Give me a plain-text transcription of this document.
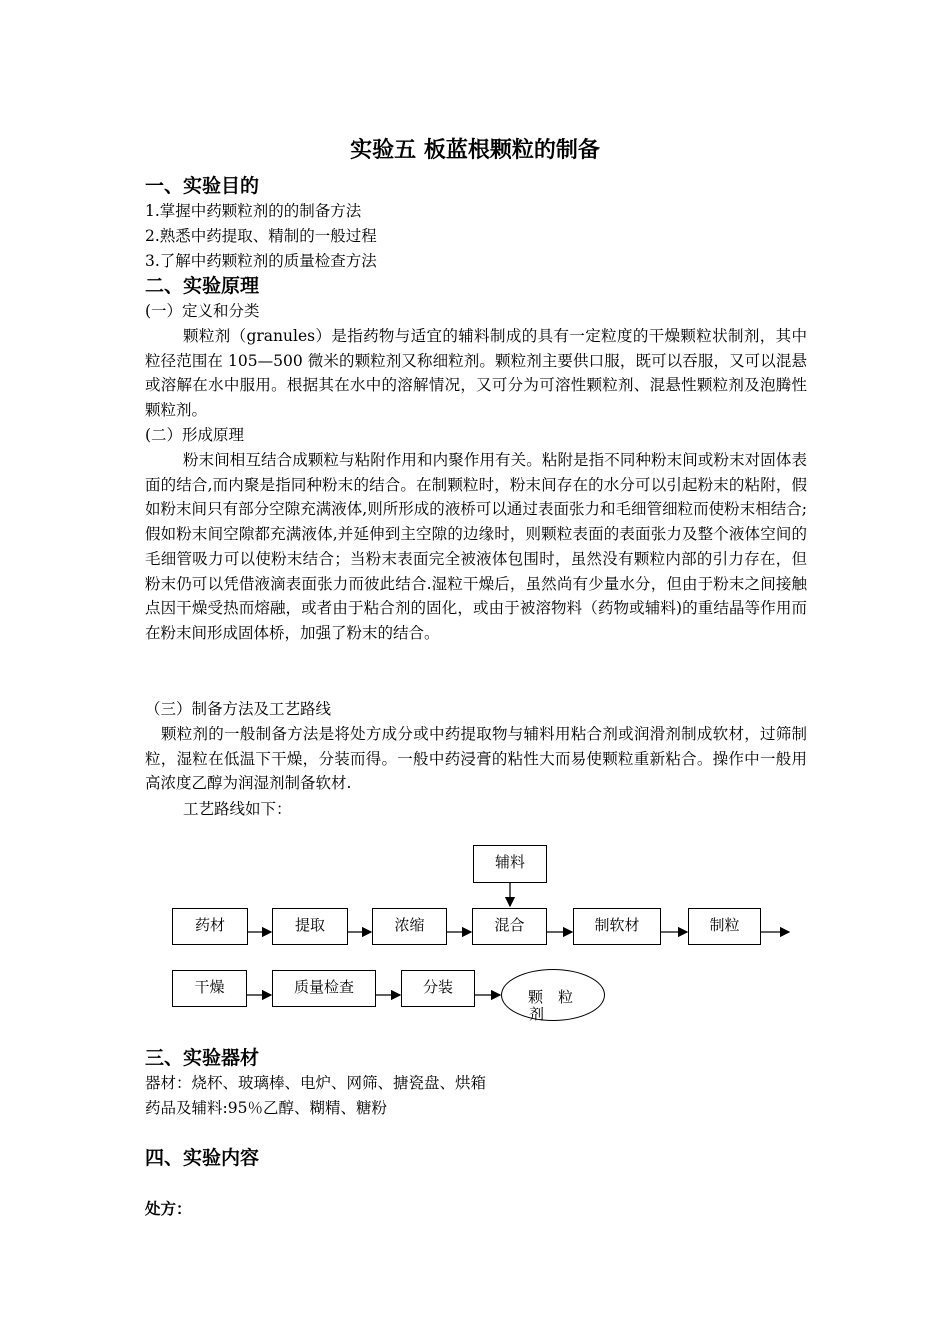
实验五 板蓝根颗粒的制备
一、实验目的
1.掌握中药颗粒剂的的制备方法
2.熟悉中药提取、精制的一般过程
3.了解中药颗粒剂的质量检查方法
二、实验原理
(一）定义和分类
颗粒剂（granules）是指药物与适宜的辅料制成的具有一定粒度的干燥颗粒状制剂，其中粒径范围在 105—500 微米的颗粒剂又称细粒剂。颗粒剂主要供口服，既可以吞服，又可以混悬或溶解在水中服用。根据其在水中的溶解情况，又可分为可溶性颗粒剂、混悬性颗粒剂及泡腾性颗粒剂。
(二）形成原理
粉末间相互结合成颗粒与粘附作用和内聚作用有关。粘附是指不同种粉末间或粉末对固体表面的结合,而内聚是指同种粉末的结合。在制颗粒时，粉末间存在的水分可以引起粉末的粘附，假如粉末间只有部分空隙充满液体,则所形成的液桥可以通过表面张力和毛细管细粒而使粉末相结合;假如粉末间空隙都充满液体,并延伸到主空隙的边缘时，则颗粒表面的表面张力及整个液体空间的毛细管吸力可以使粉末结合；当粉末表面完全被液体包围时，虽然没有颗粒内部的引力存在，但粉末仍可以凭借液滴表面张力而彼此结合.湿粒干燥后，虽然尚有少量水分，但由于粉末之间接触点因干燥受热而熔融，或者由于粘合剂的固化，或由于被溶物料（药物或辅料)的重结晶等作用而在粉末间形成固体桥，加强了粉末的结合。
（三）制备方法及工艺路线
颗粒剂的一般制备方法是将处方成分或中药提取物与辅料用粘合剂或润滑剂制成软材，过筛制粒，湿粒在低温下干燥，分装而得。一般中药浸膏的粘性大而易使颗粒重新粘合。操作中一般用高浓度乙醇为润湿剂制备软材.
工艺路线如下：
辅料
药材	提取	浓缩	混合	制软材	制粒
干燥	质量检查	分装
颗　粒
剂
三、实验器材
器材：烧杯、玻璃棒、电炉、网筛、搪瓷盘、烘箱
药品及辅料:95％乙醇、糊精、糖粉
四、实验内容
处方：
